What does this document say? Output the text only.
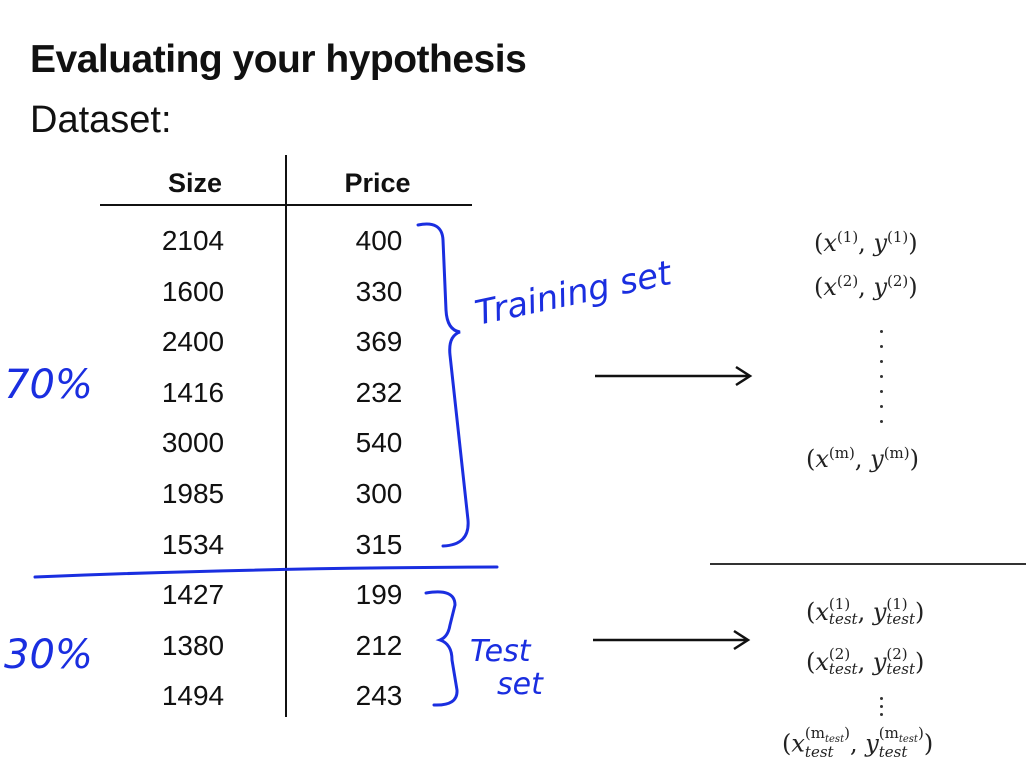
Evaluating your hypothesis
Dataset:
Size	Price
2104	400
1600	330
2400	369
1416	232
3000	540
1985	300
1534	315
1427	199
1380	212
1494	243
($x^{(1)}$, $y^{(1)}$)
($x^{(2)}$, $y^{(2)}$)
($x^{(m)}$, $y^{(m)}$)
(x (1)
test , y (1)
test )
(x (2)
test , y (2)
test )
(x $(m_{test})$
test , y $(m_{test})$
test )
Training set
Test
set
70%
30%
